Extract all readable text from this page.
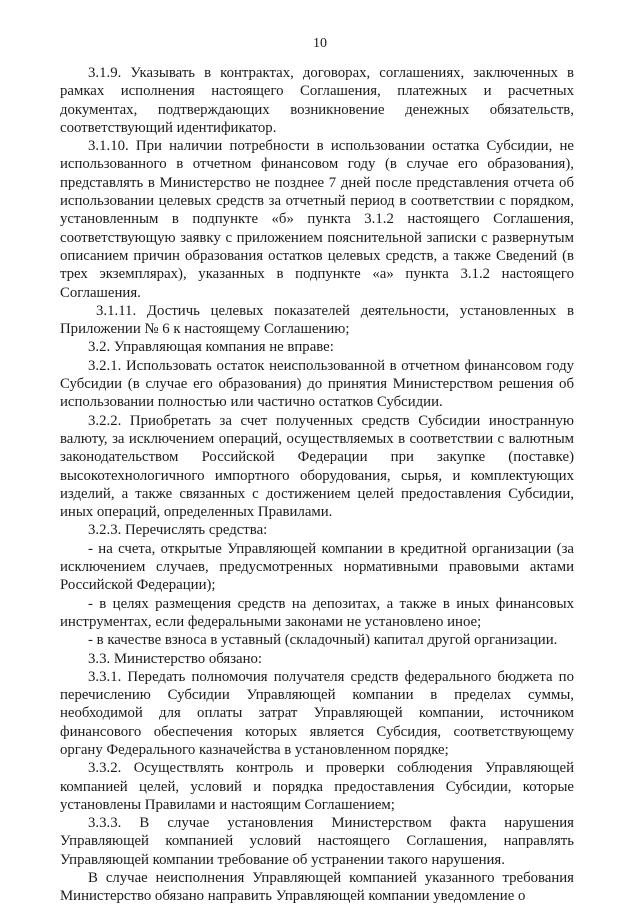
10

3.1.9. Указывать в контрактах, договорах, соглашениях, заключенных в рамках исполнения настоящего Соглашения, платежных и расчетных документах, подтверждающих возникновение денежных обязательств, соответствующий идентификатор.

3.1.10. При наличии потребности в использовании остатка Субсидии, не использованного в отчетном финансовом году (в случае его образования), представлять в Министерство не позднее 7 дней после представления отчета об использовании целевых средств за отчетный период в соответствии с порядком, установленным в подпункте «б» пункта 3.1.2 настоящего Соглашения, соответствующую заявку с приложением пояснительной записки с развернутым описанием причин образования остатков целевых средств, а также Сведений (в трех экземплярах), указанных в подпункте «а» пункта 3.1.2 настоящего Соглашения.

3.1.11. Достичь целевых показателей деятельности, установленных в Приложении № 6 к настоящему Соглашению;

3.2. Управляющая компания не вправе:

3.2.1. Использовать остаток неиспользованной в отчетном финансовом году Субсидии (в случае его образования) до принятия Министерством решения об использовании полностью или частично остатков Субсидии.

3.2.2. Приобретать за счет полученных средств Субсидии иностранную валюту, за исключением операций, осуществляемых в соответствии с валютным законодательством Российской Федерации при закупке (поставке) высокотехнологичного импортного оборудования, сырья, и комплектующих изделий, а также связанных с достижением целей предоставления Субсидии, иных операций, определенных Правилами.

3.2.3. Перечислять средства:

- на счета, открытые Управляющей компании в кредитной организации (за исключением случаев, предусмотренных нормативными правовыми актами Российской Федерации);

- в целях размещения средств на депозитах, а также в иных финансовых инструментах, если федеральными законами не установлено иное;

- в качестве взноса в уставный (складочный) капитал другой организации.

3.3. Министерство обязано:

3.3.1. Передать полномочия получателя средств федерального бюджета по перечислению Субсидии Управляющей компании в пределах суммы, необходимой для оплаты затрат Управляющей компании, источником финансового обеспечения которых является Субсидия, соответствующему органу Федерального казначейства в установленном порядке;

3.3.2. Осуществлять контроль и проверки соблюдения Управляющей компанией целей, условий и порядка предоставления Субсидии, которые установлены Правилами и настоящим Соглашением;

3.3.3. В случае установления Министерством факта нарушения Управляющей компанией условий настоящего Соглашения, направлять Управляющей компании требование об устранении такого нарушения.

В случае неисполнения Управляющей компанией указанного требования Министерство обязано направить Управляющей компании уведомление о
